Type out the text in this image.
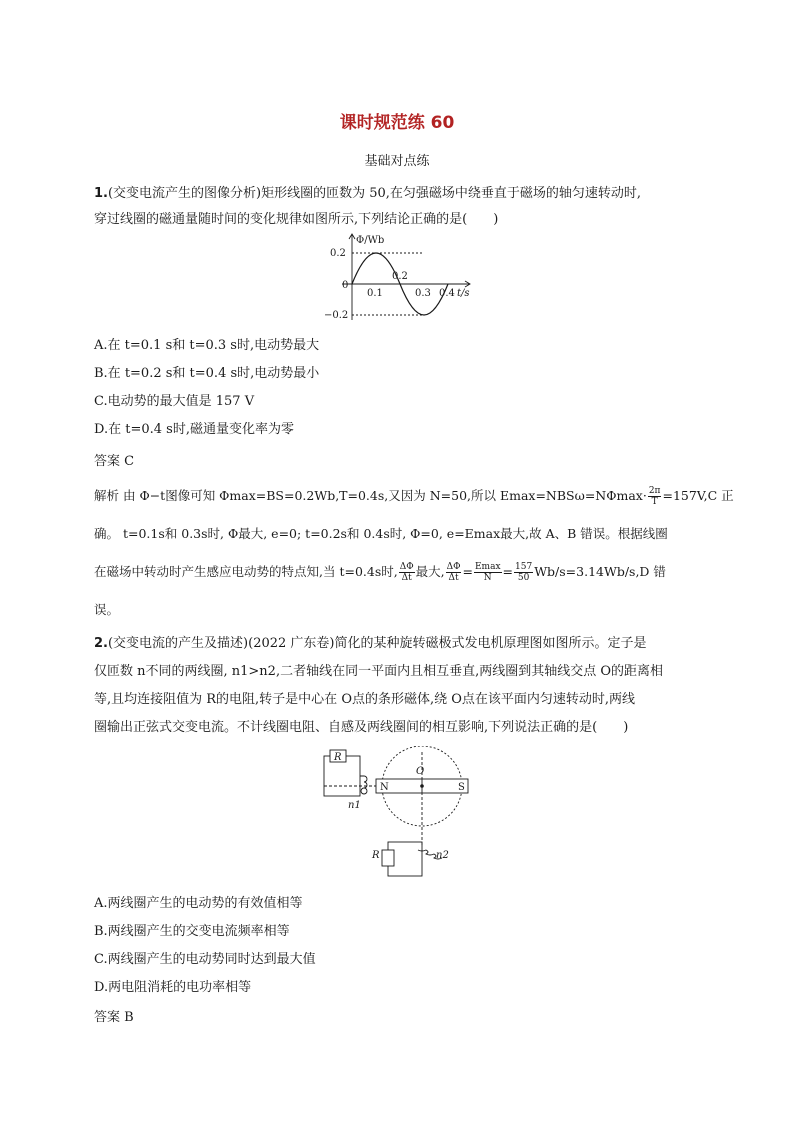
课时规范练 60
基础对点练
1.(交变电流产生的图像分析)矩形线圈的匝数为 50,在匀强磁场中绕垂直于磁场的轴匀速转动时,
穿过线圈的磁通量随时间的变化规律如图所示,下列结论正确的是(　　)
Φ/Wb
0.2
0
−0.2
0.1
0.2
0.3 0.4 t/s
A.在 t=0.1 s和 t=0.3 s时,电动势最大
B.在 t=0.2 s和 t=0.4 s时,电动势最小
C.电动势的最大值是 157 V
D.在 t=0.4 s时,磁通量变化率为零
答案 C
解析 由 Φ−t图像可知 Φmax=BS=0.2Wb,T=0.4s,又因为 N=50,所以 $Emax=NBS\omega=N\Phi\max\cdot \frac{2\pi}{T} =157V,C$ 正
确。 t=0.1s和 0.3s时, Φ最大, e=0; t=0.2s和 0.4s时, Φ=0, e=Emax最大,故 A、B 错误。根据线圈
在磁场中转动时产生感应电动势的特点知,当 t=0.4s时, $\frac{\Delta\Phi}{\Delta t}$ 最大, $\frac{\Delta\Phi}{\Delta t} = \frac{Emax}{N} = \frac{157}{50} Wb/s=3.14Wb/s,D$ 错
误。
2.(交变电流的产生及描述)(2022 广东卷)简化的某种旋转磁极式发电机原理图如图所示。定子是
仅匝数 n不同的两线圈, n1>n2,二者轴线在同一平面内且相互垂直,两线圈到其轴线交点 O的距离相
等,且均连接阻值为 R的电阻,转子是中心在 O点的条形磁体,绕 O点在该平面内匀速转动时,两线
圈输出正弦式交变电流。不计线圈电阻、自感及两线圈间的相互影响,下列说法正确的是(　　)
R
R
n1
n2
O
N	S
A.两线圈产生的电动势的有效值相等
B.两线圈产生的交变电流频率相等
C.两线圈产生的电动势同时达到最大值
D.两电阻消耗的电功率相等
答案 B
